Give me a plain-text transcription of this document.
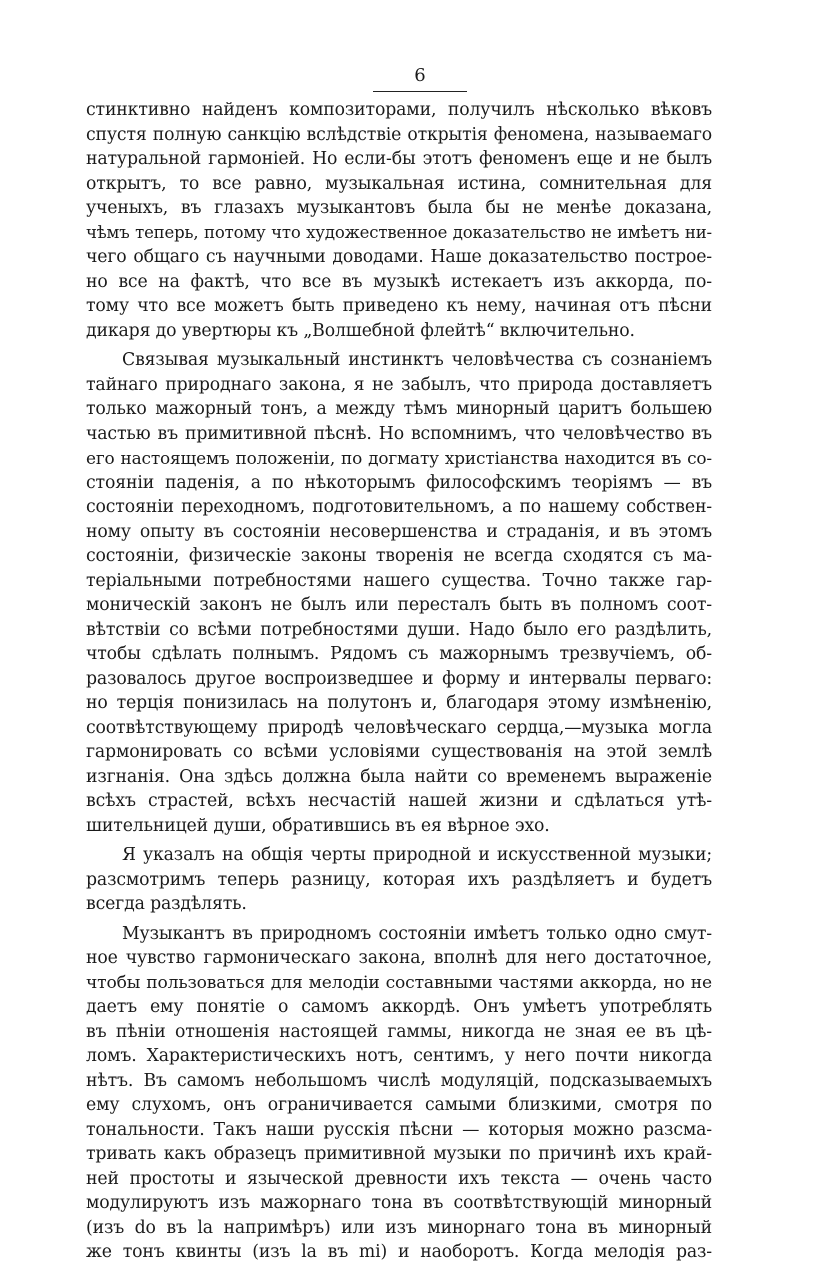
6
стинктивно найденъ композиторами, получилъ нѣсколько вѣковъ
спустя полную санкцію вслѣдствіе открытія феномена, называемаго
натуральной гармоніей. Но если-бы этотъ феноменъ еще и не былъ
открытъ, то все равно, музыкальная истина, сомнительная для
ученыхъ, въ глазахъ музыкантовъ была бы не менѣе доказана,
чѣмъ теперь, потому что художественное доказательство не имѣетъ ни-
чего общаго съ научными доводами. Наше доказательство построе-
но все на фактѣ, что все въ музыкѣ истекаетъ изъ аккорда, по-
тому что все можетъ быть приведено къ нему, начиная отъ пѣсни
дикаря до увертюры къ „Волшебной флейтѣ“ включительно.
Связывая музыкальный инстинктъ человѣчества съ сознаніемъ
тайнаго природнаго закона, я не забылъ, что природа доставляетъ
только мажорный тонъ, а между тѣмъ минорный царитъ большею
частью въ примитивной пѣснѣ. Но вспомнимъ, что человѣчество въ
его настоящемъ положеніи, по догмату христіанства находится въ со-
стояніи паденія, а по нѣкоторымъ философскимъ теоріямъ — въ
состояніи переходномъ, подготовительномъ, а по нашему собствен-
ному опыту въ состояніи несовершенства и страданія, и въ этомъ
состояніи, физическіе законы творенія не всегда сходятся съ ма-
теріальными потребностями нашего существа. Точно также гар-
моническій законъ не былъ или пересталъ быть въ полномъ соот-
вѣтствіи со всѣми потребностями души. Надо было его раздѣлить,
чтобы сдѣлать полнымъ. Рядомъ съ мажорнымъ трезвучіемъ, об-
разовалось другое воспроизведшее и форму и интервалы перваго:
но терція понизилась на полутонъ и, благодаря этому измѣненію,
соотвѣтствующему природѣ человѣческаго сердца,—музыка могла
гармонировать со всѣми условіями существованія на этой землѣ
изгнанія. Она здѣсь должна была найти со временемъ выраженіе
всѣхъ страстей, всѣхъ несчастій нашей жизни и сдѣлаться утѣ-
шительницей души, обратившись въ ея вѣрное эхо.
Я указалъ на общія черты природной и искусственной музыки;
разсмотримъ теперь разницу, которая ихъ раздѣляетъ и будетъ
всегда раздѣлять.
Музыкантъ въ природномъ состояніи имѣетъ только одно смут-
ное чувство гармоническаго закона, вполнѣ для него достаточное,
чтобы пользоваться для мелодіи составными частями аккорда, но не
даетъ ему понятіе о самомъ аккордѣ. Онъ умѣетъ употреблять
въ пѣніи отношенія настоящей гаммы, никогда не зная ее въ цѣ-
ломъ. Характеристическихъ нотъ, сентимъ, у него почти никогда
нѣтъ. Въ самомъ небольшомъ числѣ модуляцій, подсказываемыхъ
ему слухомъ, онъ ограничивается самыми близкими, смотря по
тональности. Такъ наши русскія пѣсни — которыя можно разсма-
тривать какъ образецъ примитивной музыки по причинѣ ихъ край-
ней простоты и языческой древности ихъ текста — очень часто
модулируютъ изъ мажорнаго тона въ соотвѣтствующій минорный
(изъ do въ la напримѣръ) или изъ минорнаго тона въ минорный
же тонъ квинты (изъ la въ mi) и наоборотъ. Когда мелодія раз-
